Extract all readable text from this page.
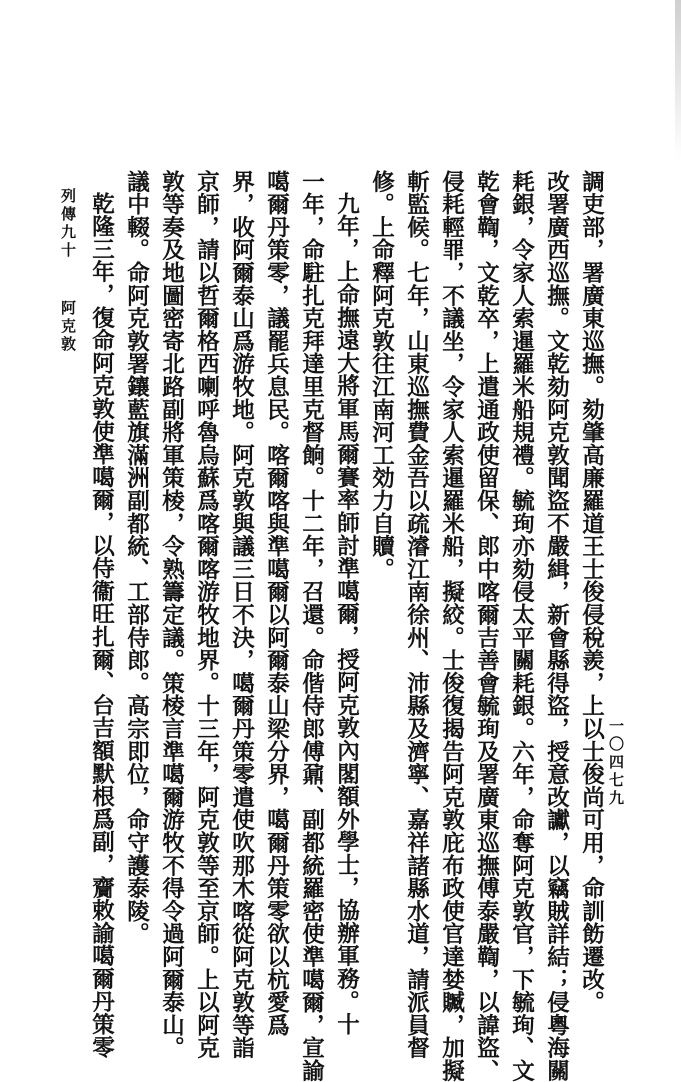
調吏部，署廣東巡撫。劾肇高廉羅道王士俊侵稅羨，上以士俊尚可用，命訓飭遷改。
改署廣西巡撫。文乾劾阿克敦聞盜不嚴緝，新會縣得盜，授意改讞，以竊賊詳結；侵粵海關
耗銀，令家人索暹羅米船規禮。毓珣亦劾侵太平關耗銀。六年，命奪阿克敦官，下毓珣、文
乾會鞫，文乾卒，上遣通政使留保、郎中喀爾吉善會毓珣及署廣東巡撫傅泰嚴鞫，以諱盜、
侵耗輕罪，不議坐，令家人索暹羅米船，擬絞。士俊復揭告阿克敦庇布政使官達婪贓，加擬
斬監候。七年，山東巡撫費金吾以疏濬江南徐州、沛縣及濟寧、嘉祥諸縣水道，請派員督
修。上命釋阿克敦往江南河工効力自贖。
九年，上命撫遠大將軍馬爾賽率師討準噶爾，授阿克敦內閣額外學士，協辦軍務。十
一年，命駐扎克拜達里克督餉。十二年，召還。命偕侍郎傅鼐、副都統羅密使準噶爾，宣諭
噶爾丹策零，議罷兵息民。喀爾喀與準噶爾以阿爾泰山梁分界，噶爾丹策零欲以杭愛爲
界，收阿爾泰山爲游牧地。阿克敦與議三日不決，噶爾丹策零遣使吹那木喀從阿克敦等詣
京師，請以哲爾格西喇呼魯烏蘇爲喀爾喀游牧地界。十三年，阿克敦等至京師。上以阿克
敦等奏及地圖密寄北路副將軍策棱，令熟籌定議。策棱言準噶爾游牧不得令過阿爾泰山。
議中輟。命阿克敦署鑲藍旗滿洲副都統、工部侍郎。高宗即位，命守護泰陵。
乾隆三年，復命阿克敦使準噶爾，以侍衞旺扎爾、台吉額默根爲副，齎敕諭噶爾丹策零
列傳九十
阿克敦
一〇四七九
